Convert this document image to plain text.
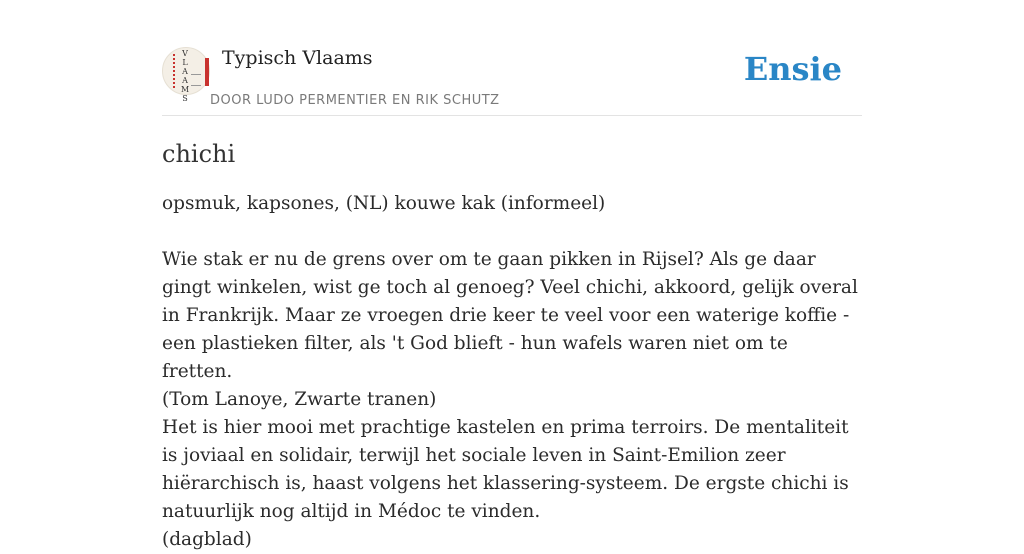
V
L
A
A
M
S
Typisch Vlaams
DOOR LUDO PERMENTIER EN RIK SCHUTZ
Ensie
chichi
opsmuk, kapsones, (NL) kouwe kak (informeel)

Wie stak er nu de grens over om te gaan pikken in Rijsel? Als ge daar gingt winkelen, wist ge toch al genoeg? Veel chichi, akkoord, gelijk overal in Frankrijk. Maar ze vroegen drie keer te veel voor een waterige koffie - een plastieken filter, als 't God blieft - hun wafels waren niet om te fretten.

(Tom Lanoye, Zwarte tranen)

Het is hier mooi met prachtige kastelen en prima terroirs. De mentaliteit is joviaal en solidair, terwijl het sociale leven in Saint-Emilion zeer hiërarchisch is, haast volgens het klassering-systeem. De ergste chichi is natuurlijk nog altijd in Médoc te vinden.

(dagblad)
